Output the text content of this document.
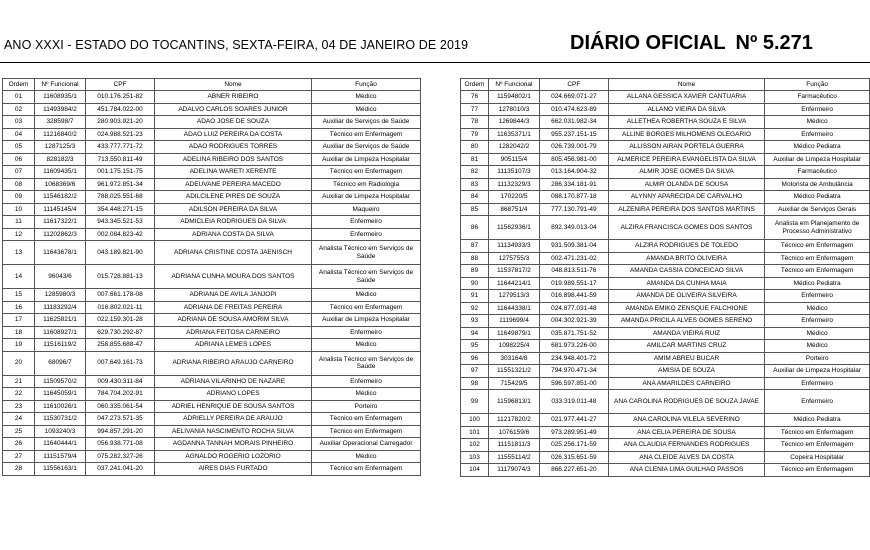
ANO XXXI - ESTADO DO TOCANTINS, SEXTA-FEIRA, 04 DE JANEIRO DE 2019	DIÁRIO OFICIAL Nº 5.271
Ordem	Nº Funcional	CPF	Nome	Função
01	11608935/1	010.176.251-82	ABNER RIBEIRO	Médico
02	11493984/2	451.784.022-00	ADALVO CARLOS SOARES JUNIOR	Médico
03	328598/7	280.903.921-20	ADAO JOSE DE SOUZA	Auxiliar de Serviços de Saúde
04	11216840/2	024.988.521-23	ADAO LUIZ PEREIRA DA COSTA	Técnico em Enfermagem
05	1287125/3	433.777.771-72	ADAO RODRIGUES TORRES	Auxiliar de Serviços de Saúde
06	828182/3	713.550.811-49	ADELINA RIBEIRO DOS SANTOS	Auxiliar de Limpeza Hospitalar
07	11609435/1	001.175.151-75	ADELINA WARETI XERENTE	Técnico em Enfermagem
08	1068369/6	961.972.851-34	ADEUVANE PEREIRA MACEDO	Técnico em Radiologia
09	11546182/2	788.025.551-68	ADILCILENE PIRES DE SOUZA	Auxiliar de Limpeza Hospitalar
10	11145145/4	354.448.271-15	ADILSON PEREIRA DA SILVA	Maqueiro
11	11617322/1	943.345.521-53	ADMICLEIA RODRIGUES DA SILVA	Enfermeiro
12	11202862/3	002.084.823-42	ADRIANA COSTA DA SILVA	Enfermeiro
13	11643678/1	043.189.821-90	ADRIANA CRISTINE COSTA JAENISCH	Analista Técnico em Serviços de Saúde
14	96043/6	015.728.881-13	ADRIANA CUNHA MOURA DOS SANTOS	Analista Técnico em Serviços de Saúde
15	1285980/3	007.661.178-08	ADRIANA DE AVILA JANJOPI	Médico
16	11183292/4	016.802.021-11	ADRIANA DE FREITAS PEREIRA	Técnico em Enfermagem
17	11625821/1	022.159.301-28	ADRIANA DE SOUSA AMORIM SILVA	Auxiliar de Limpeza Hospitalar
18	11608927/1	629.730.292-87	ADRIANA FEITOSA CARNEIRO	Enfermeiro
19	11516119/2	258.855.688-47	ADRIANA LEMES LOPES	Médico
20	68096/7	007.649.161-73	ADRIANA RIBEIRO ARAUJO CARNEIRO	Analista Técnico em Serviços de Saúde
21	11509570/2	009.430.311-84	ADRIANA VILARINHO DE NAZARE	Enfermeiro
22	11645059/1	784.704.202-91	ADRIANO LOPES	Médico
23	11610026/1	060.335.061-54	ADRIEL HENRIQUE DE SOUSA SANTOS	Porteiro
24	11530731/2	047.273.571-35	ADRIELLY PEREIRA DE ARAUJO	Técnico em Enfermagem
25	1093240/3	994.857.291-20	AELIVANIA NASCIMENTO ROCHA SILVA	Técnico em Enfermagem
26	11640444/1	056.938.771-08	AGDANNA TANNAH MORAIS PINHEIRO	Auxiliar Operacional Carregador
27	11151579/4	075.282.327-26	AGNALDO ROGERIO LOZORIO	Médico
28	11556163/1	037.241.041-20	AIRES DIAS FURTADO	Técnico em Enfermagem
Ordem	Nº Funcional	CPF	Nome	Função
76	11594802/1	024.669.071-27	ALLANA GESSICA XAVIER CANTUARIA	Farmacêutico
77	1278010/3	010.474.623-89	ALLANO VIEIRA DA SILVA	Enfermeiro
78	1269844/3	662.031.982-34	ALLETHEA ROBERTHA SOUZA E SILVA	Médico
79	11635371/1	955.237.151-15	ALLINE BORGES MILHOMENS OLEGARIO	Enfermeiro
80	1282042/2	026.739.001-79	ALLISSON AIRAN PORTELA GUERRA	Médico Pediatra
81	905115/4	805.456.981-00	ALMERICE PEREIRA EVANGELISTA DA SILVA	Auxiliar de Limpeza Hospitalar
82	11135107/3	013.164.904-32	ALMIR JOSE GOMES DA SILVA	Farmacêutico
83	11132329/3	286.334.181-91	ALMIR OLANDA DE SOUSA	Motorista de Ambulância
84	170220/5	088.170.877-18	ALYNNY APARECIDA DE CARVALHO	Médico Pediatra
85	868751/4	777.130.791-49	ALZENIRA PEREIRA DOS SANTOS MARTINS	Auxiliar de Serviços Gerais
86	11562936/1	892.349.013-04	ALZIRA FRANCISCA GOMES DOS SANTOS	Analista em Planejamento de Processo Administrativo
87	11134933/3	931.509.381-04	ALZIRA RODRIGUES DE TOLEDO	Técnico em Enfermagem
88	1275755/3	002.471.231-02	AMANDA BRITO OLIVEIRA	Técnico em Enfermagem
89	11537817/2	048.813.511-76	AMANDA CASSIA CONCEICAO SILVA	Técnico em Enfermagem
90	11644214/1	019.989.551-17	AMANDA DA CUNHA MAIA	Médico Pediatra
91	1279513/3	016.898.441-59	AMANDA DE OLIVEIRA SILVEIRA	Enfermeiro
92	11644338/1	024.877.031-48	AMANDA EMIKO ZENSQUE FALCHIONE	Médico
93	1119699/4	004.302.921-39	AMANDA PRICILA ALVES GOMES SERENO	Enfermeiro
94	11649879/1	035.871.751-52	AMANDA VIEIRA RUIZ	Médico
95	1098225/4	681.973.226-00	AMILCAR MARTINS CRUZ	Médico
96	303164/8	234.948.401-72	AMIM ABREU BUCAR	Porteiro
97	11551321/2	794.970.471-34	AMISIA DE SOUZA	Auxiliar de Limpeza Hospitalar
98	715429/5	596.597.851-00	ANA AMARILDES CARNEIRO	Enfermeiro
99	11596813/1	033.319.011-48	ANA CAROLINA RODRIGUES DE SOUZA JAVAE	Enfermeiro
100	11217820/2	021.977.441-27	ANA CAROLINA VILELA SEVERINO	Médico Pediatra
101	1076159/6	973.289.951-49	ANA CELIA PEREIRA DE SOUSA	Técnico em Enfermagem
102	11151811/3	025.256.171-59	ANA CLAUDIA FERNANDES RODRIGUES	Técnico em Enfermagem
103	11555114/2	026.315.651-59	ANA CLEIDE ALVES DA COSTA	Copeira Hospitalar
104	11179074/3	866.227.651-20	ANA CLENIA LIMA GUILHAO PASSOS	Técnico em Enfermagem
